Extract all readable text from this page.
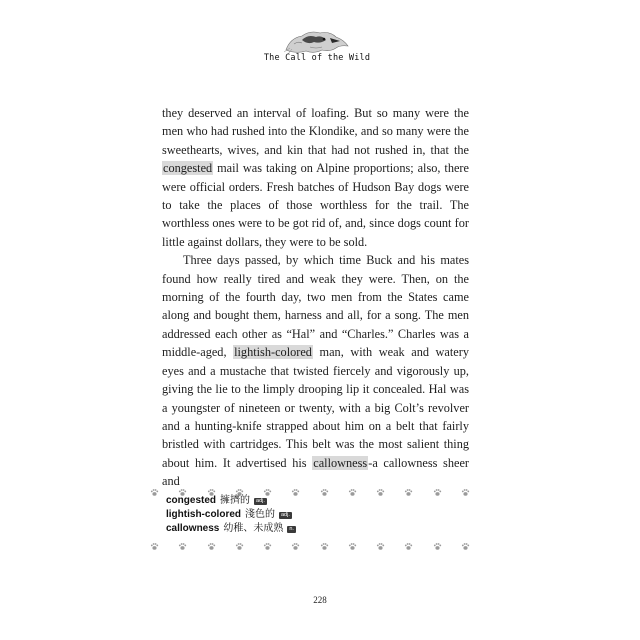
The Call of the Wild

they deserved an interval of loafing. But so many were the men who had rushed into the Klondike, and so many were the sweethearts, wives, and kin that had not rushed in, that the congested mail was taking on Alpine proportions; also, there were official orders. Fresh batches of Hudson Bay dogs were to take the places of those worthless for the trail. The worthless ones were to be got rid of, and, since dogs count for little against dollars, they were to be sold.

Three days passed, by which time Buck and his mates found how really tired and weak they were. Then, on the morning of the fourth day, two men from the States came along and bought them, harness and all, for a song. The men addressed each other as “Hal” and “Charles.” Charles was a middle-aged, lightish-colored man, with weak and watery eyes and a mustache that twisted fiercely and vigorously up, giving the lie to the limply drooping lip it concealed. Hal was a youngster of nineteen or twenty, with a big Colt’s revolver and a hunting-knife strapped about him on a belt that fairly bristled with cartridges. This belt was the most salient thing about him. It advertised his callowness-a callowness sheer and

congested 擁擠的 adj.
lightish-colored 淺色的 adj.
callowness 幼稚、未成熟 n.
228
